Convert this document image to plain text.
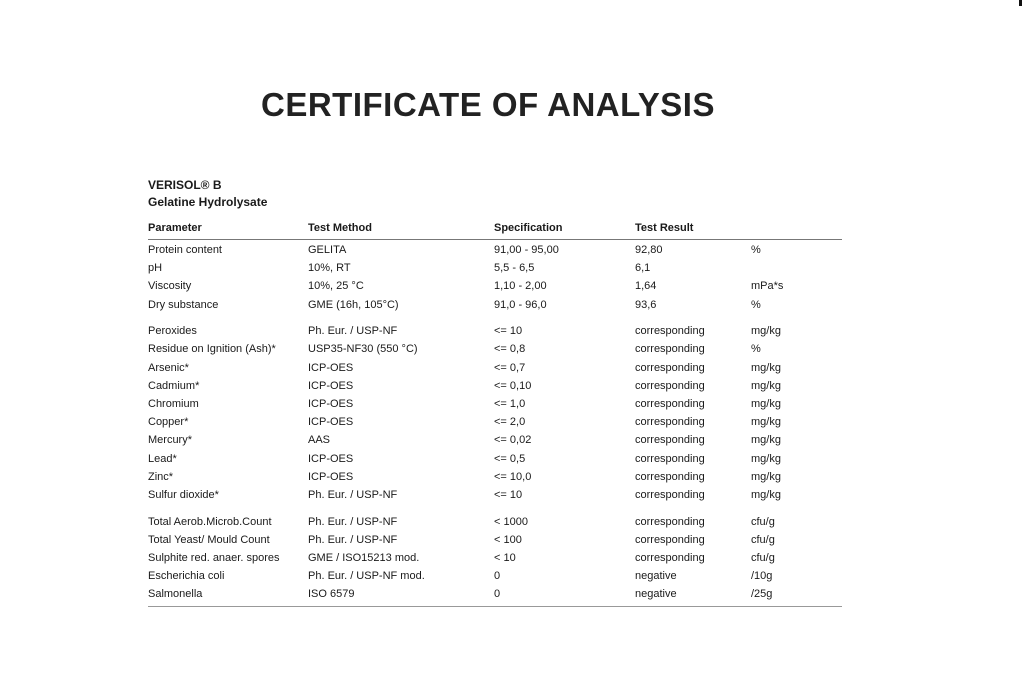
CERTIFICATE OF ANALYSIS
VERISOL® B
Gelatine Hydrolysate
Parameter	Test Method	Specification	Test Result
Protein content	GELITA	91,00 - 95,00	92,80	%
pH	10%, RT	5,5 - 6,5	6,1
Viscosity	10%, 25 °C	1,10 - 2,00	1,64	mPa*s
Dry substance	GME (16h, 105°C)	91,0 - 96,0	93,6	%
Peroxides	Ph. Eur. / USP-NF	<= 10	corresponding	mg/kg
Residue on Ignition (Ash)*	USP35-NF30 (550 °C)	<= 0,8	corresponding	%
Arsenic*	ICP-OES	<= 0,7	corresponding	mg/kg
Cadmium*	ICP-OES	<= 0,10	corresponding	mg/kg
Chromium	ICP-OES	<= 1,0	corresponding	mg/kg
Copper*	ICP-OES	<= 2,0	corresponding	mg/kg
Mercury*	AAS	<= 0,02	corresponding	mg/kg
Lead*	ICP-OES	<= 0,5	corresponding	mg/kg
Zinc*	ICP-OES	<= 10,0	corresponding	mg/kg
Sulfur dioxide*	Ph. Eur. / USP-NF	<= 10	corresponding	mg/kg
Total Aerob.Microb.Count	Ph. Eur. / USP-NF	< 1000	corresponding	cfu/g
Total Yeast/ Mould Count	Ph. Eur. / USP-NF	< 100	corresponding	cfu/g
Sulphite red. anaer. spores	GME / ISO15213 mod.	< 10	corresponding	cfu/g
Escherichia coli	Ph. Eur. / USP-NF mod.	0	negative	/10g
Salmonella	ISO 6579	0	negative	/25g
